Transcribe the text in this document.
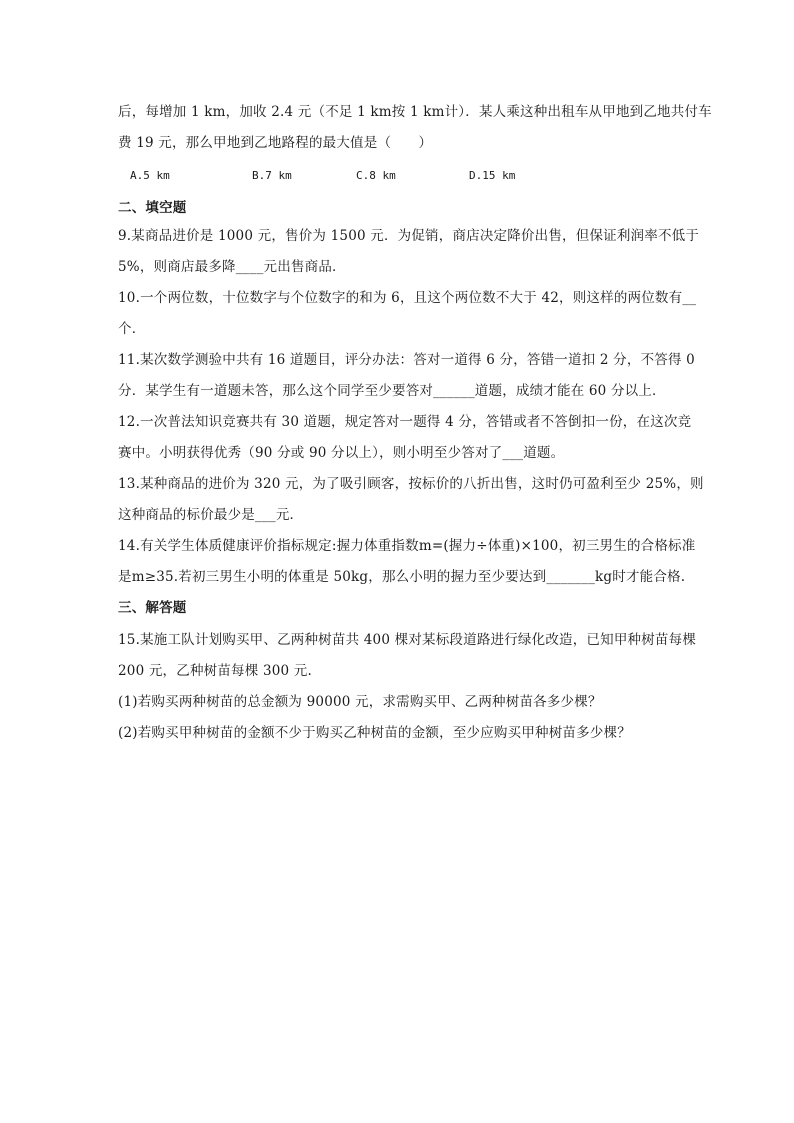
后，每增加 1 km，加收 2.4 元（不足 1 km按 1 km计）．某人乘这种出租车从甲地到乙地共付车
费 19 元，那么甲地到乙地路程的最大值是（　　）
A.5 km	B.7 km	C.8 km	D.15 km
二、填空题
9.某商品进价是 1000 元，售价为 1500 元．为促销，商店决定降价出售，但保证利润率不低于
5%，则商店最多降____元出售商品．
10.一个两位数，十位数字与个位数字的和为 6，且这个两位数不大于 42，则这样的两位数有__
个．
11.某次数学测验中共有 16 道题目，评分办法：答对一道得 6 分，答错一道扣 2 分，不答得 0
分．某学生有一道题未答，那么这个同学至少要答对______道题，成绩才能在 60 分以上．
12.一次普法知识竞赛共有 30 道题，规定答对一题得 4 分，答错或者不答倒扣一份，在这次竞
赛中。小明获得优秀（90 分或 90 分以上），则小明至少答对了___道题。
13.某种商品的进价为 320 元，为了吸引顾客，按标价的八折出售，这时仍可盈利至少 25%，则
这种商品的标价最少是___元．
14.有关学生体质健康评价指标规定:握力体重指数m=(握力÷体重)×100，初三男生的合格标准
是m≥35.若初三男生小明的体重是 50kg，那么小明的握力至少要达到_______kg时才能合格.
三、解答题
15.某施工队计划购买甲、乙两种树苗共 400 棵对某标段道路进行绿化改造，已知甲种树苗每棵
200 元，乙种树苗每棵 300 元.
(1)若购买两种树苗的总金额为 90000 元，求需购买甲、乙两种树苗各多少棵？
(2)若购买甲种树苗的金额不少于购买乙种树苗的金额，至少应购买甲种树苗多少棵？
